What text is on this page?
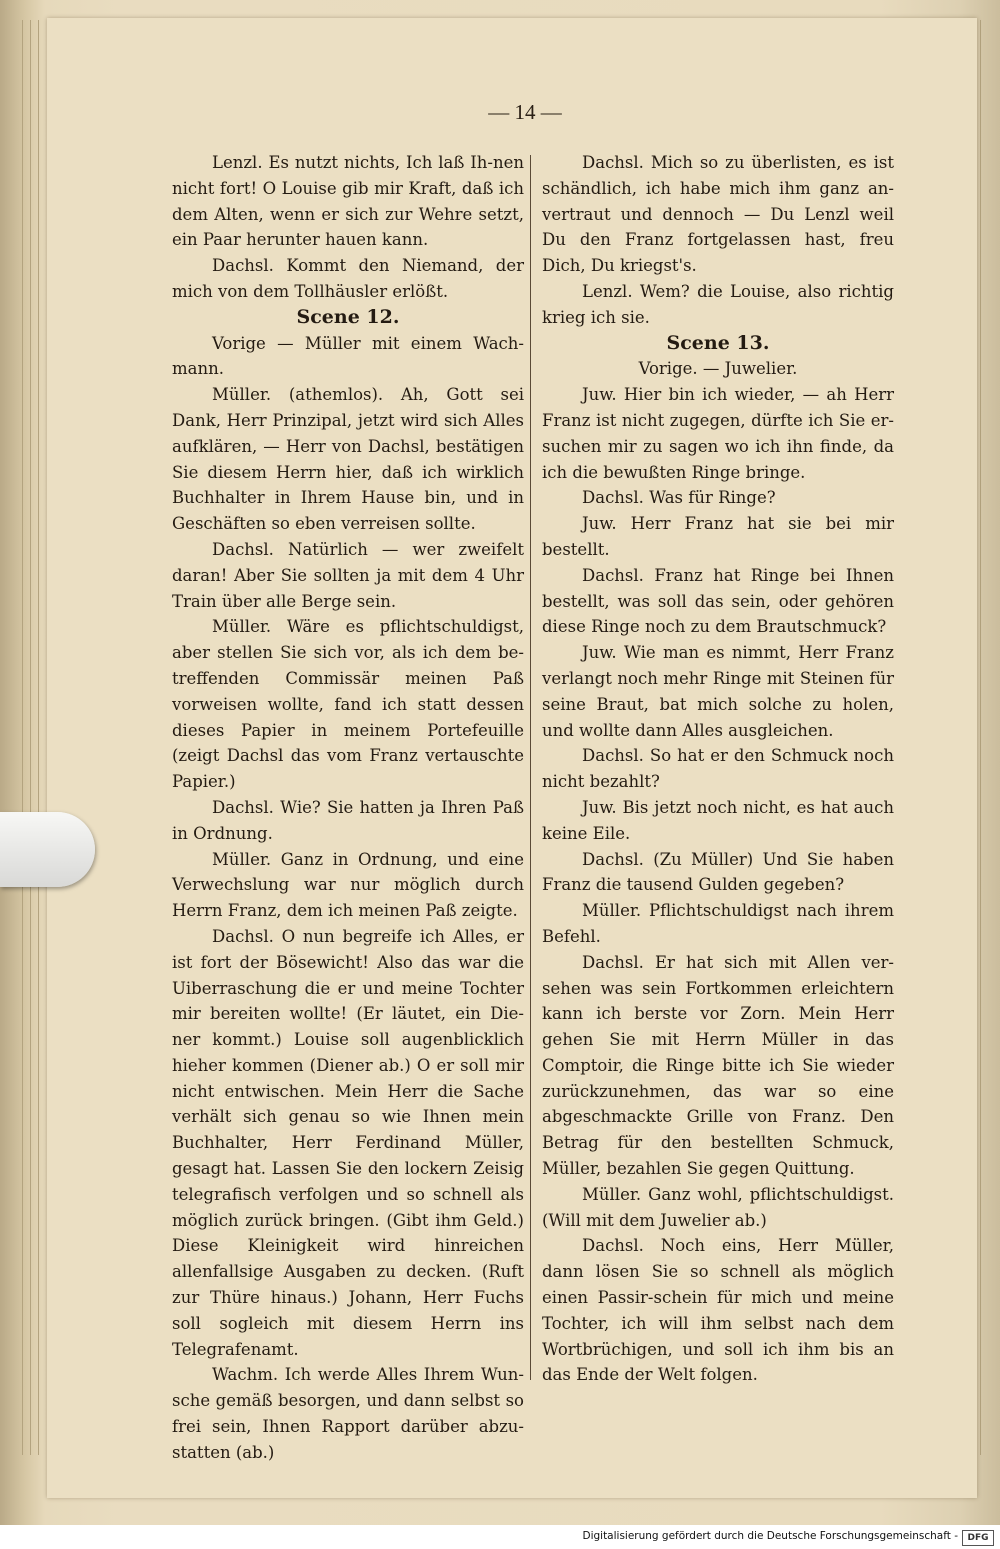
— 14 —

Lenzl. Es nutzt nichts, Ich laß Ih-nen nicht fort! O Louise gib mir Kraft, daß ich dem Alten, wenn er sich zur Wehre setzt, ein Paar herunter hauen kann.

Dachsl. Kommt den Niemand, der mich von dem Tollhäusler erlößt.

Scene 12.

Vorige — Müller mit einem Wach-mann.

Müller. (athemlos). Ah, Gott sei Dank, Herr Prinzipal, jetzt wird sich Alles aufklären, — Herr von Dachsl, bestätigen Sie diesem Herrn hier, daß ich wirklich Buchhalter in Ihrem Hause bin, und in Geschäften so eben verreisen sollte.

Dachsl. Natürlich — wer zweifelt daran! Aber Sie sollten ja mit dem 4 Uhr Train über alle Berge sein.

Müller. Wäre es pflichtschuldigst, aber stellen Sie sich vor, als ich dem be-treffenden Commissär meinen Paß vorweisen wollte, fand ich statt dessen dieses Papier in meinem Portefeuille (zeigt Dachsl das vom Franz vertauschte Papier.)

Dachsl. Wie? Sie hatten ja Ihren Paß in Ordnung.

Müller. Ganz in Ordnung, und eine Verwechslung war nur möglich durch Herrn Franz, dem ich meinen Paß zeigte.

Dachsl. O nun begreife ich Alles, er ist fort der Bösewicht! Also das war die Uiberraschung die er und meine Tochter mir bereiten wollte! (Er läutet, ein Die-ner kommt.) Louise soll augenblicklich hieher kommen (Diener ab.) O er soll mir nicht entwischen. Mein Herr die Sache verhält sich genau so wie Ihnen mein Buchhalter, Herr Ferdinand Müller, gesagt hat. Lassen Sie den lockern Zeisig telegrafisch verfolgen und so schnell als möglich zurück bringen. (Gibt ihm Geld.) Diese Kleinigkeit wird hinreichen allenfallsige Ausgaben zu decken. (Ruft zur Thüre hinaus.) Johann, Herr Fuchs soll sogleich mit diesem Herrn ins Telegrafenamt.

Wachm. Ich werde Alles Ihrem Wun-sche gemäß besorgen, und dann selbst so frei sein, Ihnen Rapport darüber abzu-statten (ab.)

Dachsl. Mich so zu überlisten, es ist schändlich, ich habe mich ihm ganz an-vertraut und dennoch — Du Lenzl weil Du den Franz fortgelassen hast, freu Dich, Du kriegst's.

Lenzl. Wem? die Louise, also richtig krieg ich sie.

Scene 13.

Vorige. — Juwelier.

Juw. Hier bin ich wieder, — ah Herr Franz ist nicht zugegen, dürfte ich Sie er-suchen mir zu sagen wo ich ihn finde, da ich die bewußten Ringe bringe.

Dachsl. Was für Ringe?

Juw. Herr Franz hat sie bei mir bestellt.

Dachsl. Franz hat Ringe bei Ihnen bestellt, was soll das sein, oder gehören diese Ringe noch zu dem Brautschmuck?

Juw. Wie man es nimmt, Herr Franz verlangt noch mehr Ringe mit Steinen für seine Braut, bat mich solche zu holen, und wollte dann Alles ausgleichen.

Dachsl. So hat er den Schmuck noch nicht bezahlt?

Juw. Bis jetzt noch nicht, es hat auch keine Eile.

Dachsl. (Zu Müller) Und Sie haben Franz die tausend Gulden gegeben?

Müller. Pflichtschuldigst nach ihrem Befehl.

Dachsl. Er hat sich mit Allen ver-sehen was sein Fortkommen erleichtern kann ich berste vor Zorn. Mein Herr gehen Sie mit Herrn Müller in das Comptoir, die Ringe bitte ich Sie wieder zurückzunehmen, das war so eine abgeschmackte Grille von Franz. Den Betrag für den bestellten Schmuck, Müller, bezahlen Sie gegen Quittung.

Müller. Ganz wohl, pflichtschuldigst. (Will mit dem Juwelier ab.)

Dachsl. Noch eins, Herr Müller, dann lösen Sie so schnell als möglich einen Passir-schein für mich und meine Tochter, ich will ihm selbst nach dem Wortbrüchigen, und soll ich ihm bis an das Ende der Welt folgen.

Digitalisierung gefördert durch die Deutsche Forschungsgemeinschaft -	DFG
